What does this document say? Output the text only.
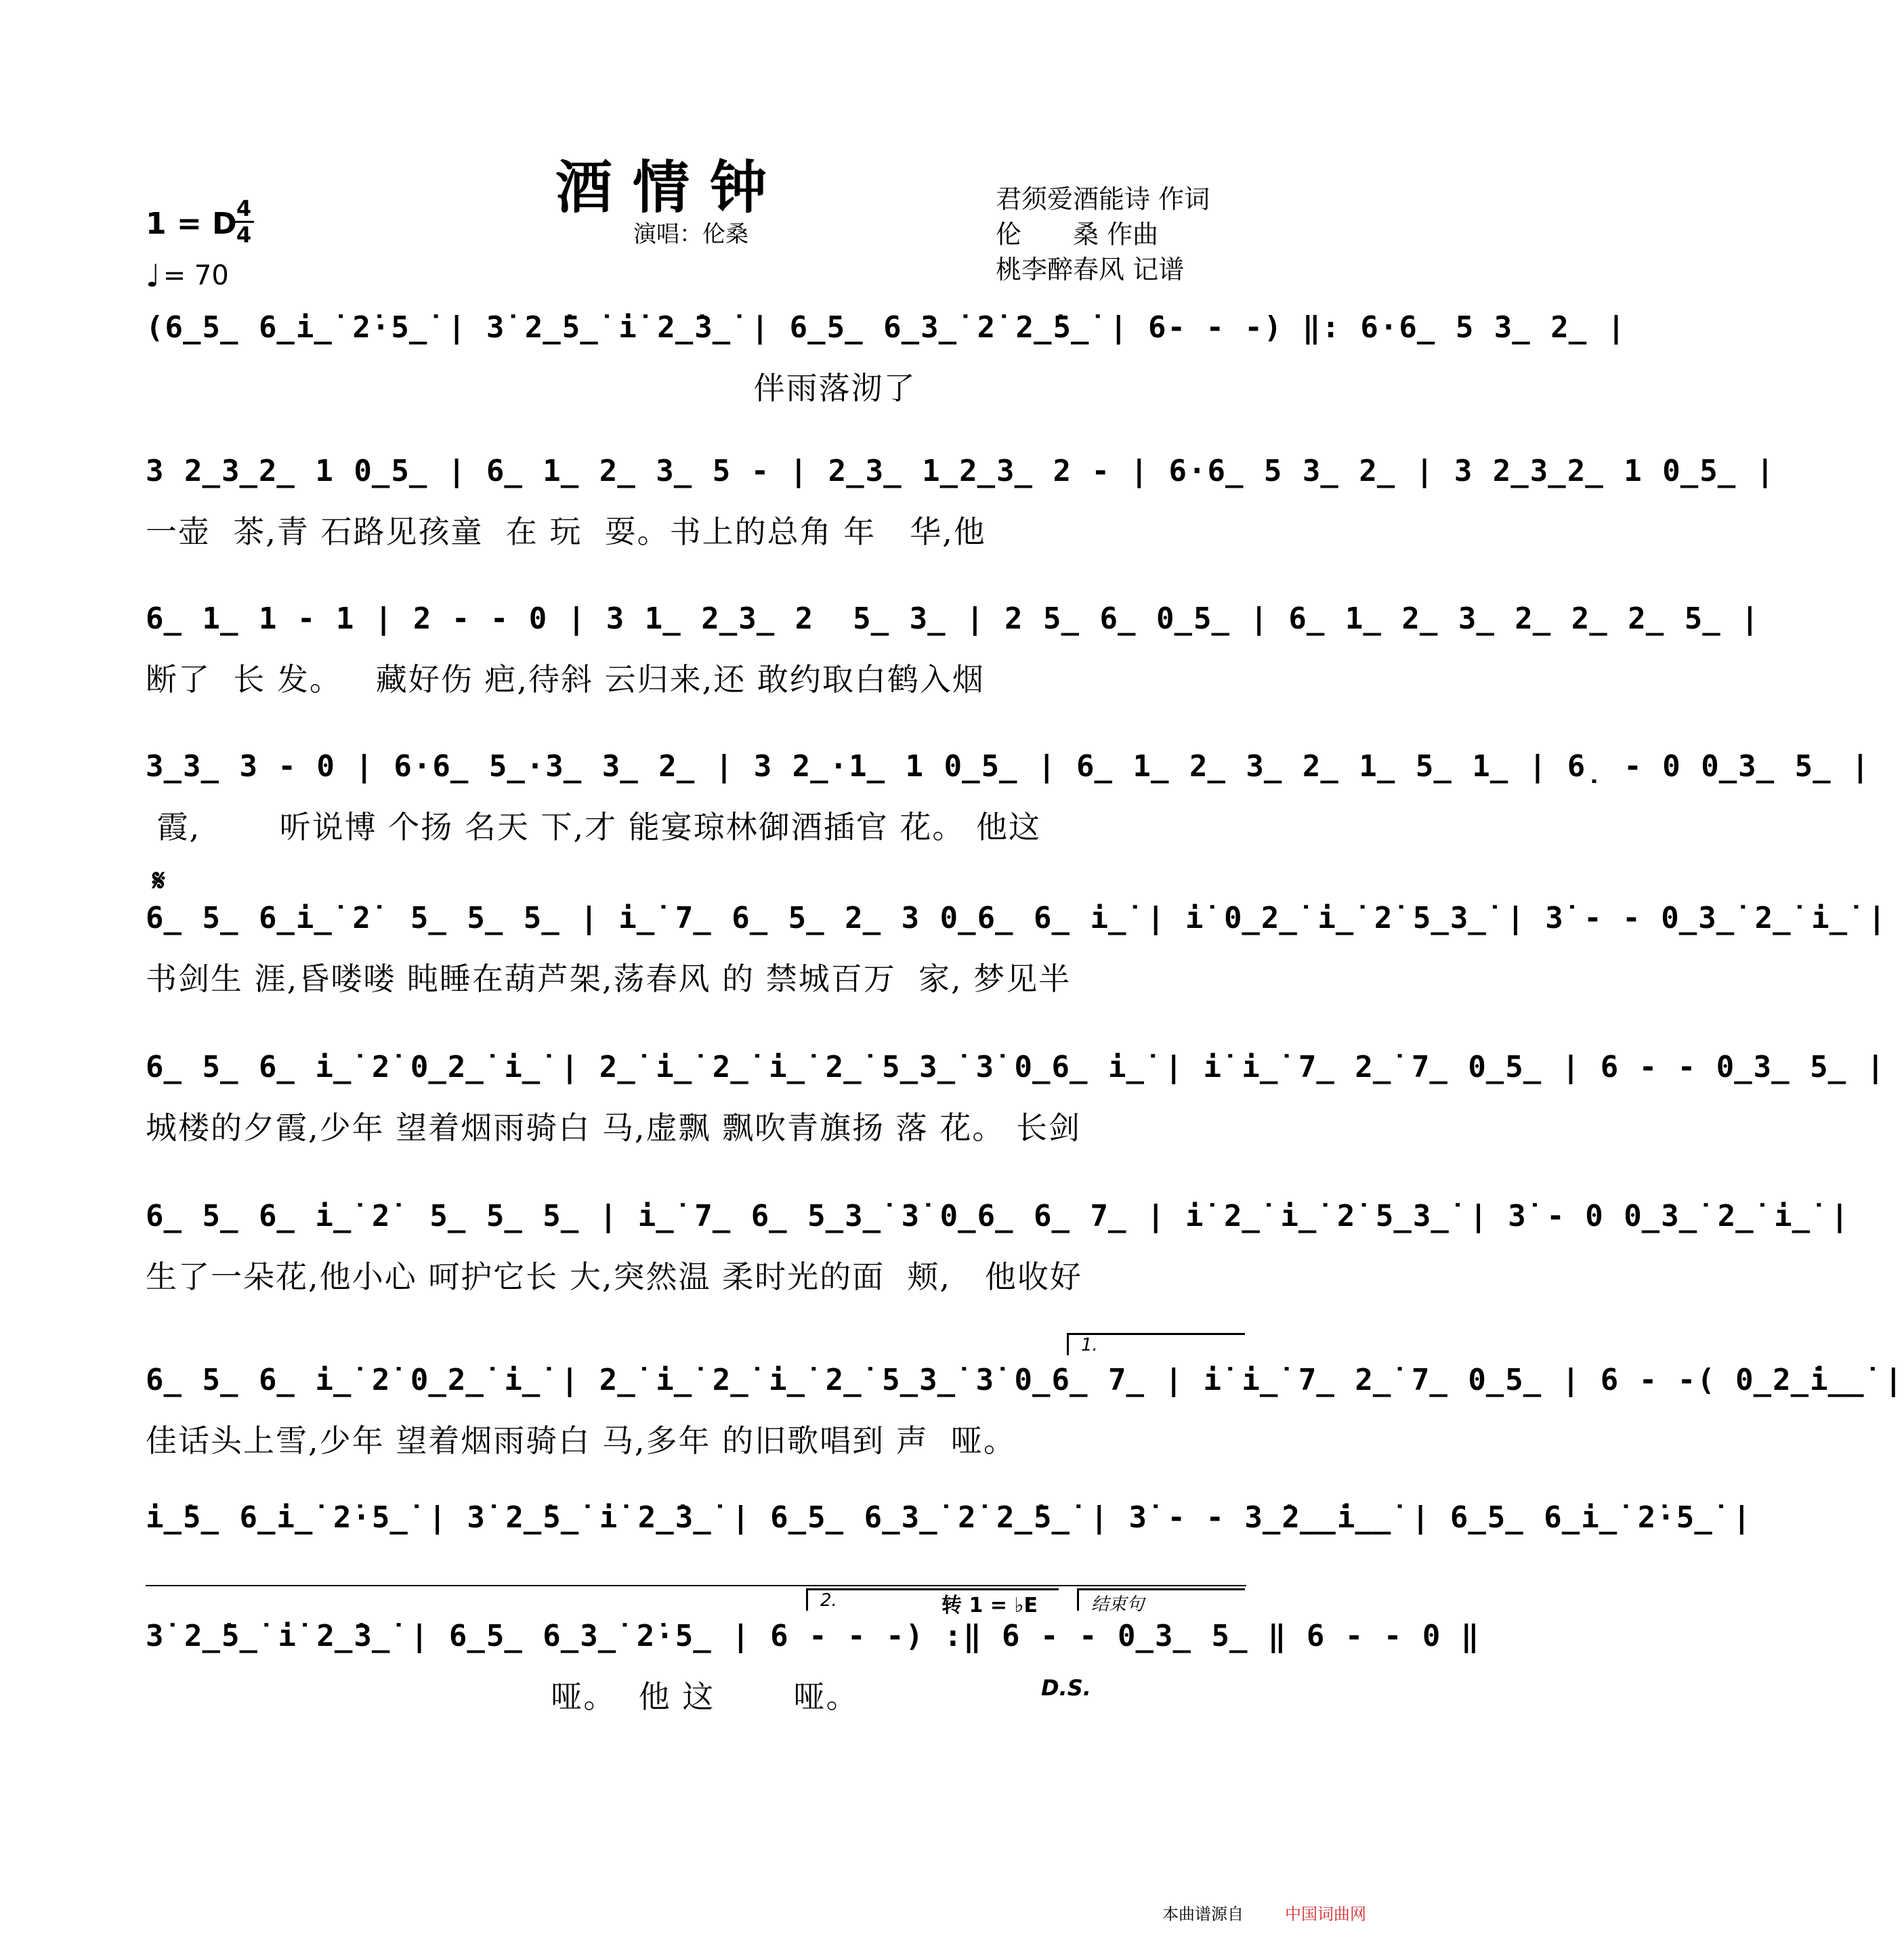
酒情钟
演唱：伦桑
君须爱酒能诗 作词
伦　　桑 作曲
桃李醉春风 记谱
1 = D 4
4
♩ = 70
𝄋
(6̲5̲ 6̲i̲̇ 2̇·5̲̇ | 3̇ 2̲̇5̲̇ i̇ 2̲̇3̲̇ | 6̲5̲ 6̲3̲̇ 2̇ 2̲̇5̲̇ | 6- - -) ‖: 6·6̲ 5 3̲ 2̲ |
伴雨落沏了
3 2̲3̲2̲ 1 0̲5̲ | 6̲ 1̲ 2̲ 3̲ 5 - | 2̲3̲ 1̲2̲3̲ 2 - | 6·6̲ 5 3̲ 2̲ | 3 2̲3̲2̲ 1 0̲5̲ |
一壶  茶,青 石路见孩童  在 玩  耍。书上的总角 年   华,他
6̲ 1̲ 1 - 1 | 2 - - 0 | 3 1̲ 2̲3̲ 2  5̲ 3̲ | 2 5̲ 6̲ 0̲5̲ | 6̲ 1̲ 2̲ 3̲ 2̲ 2̲ 2̲ 5̲ |
断了  长 发。   藏好伤 疤,待斜 云归来,还 敢约取白鹤入烟
3̲3̲ 3 - 0 | 6·6̲ 5̲·3̲ 3̲ 2̲ | 3 2̲·1̲ 1 0̲5̲ | 6̲ 1̲ 2̲ 3̲ 2̲ 1̲ 5̲ 1̲ | 6̣ - 0 0̲3̲ 5̲ |
霞,       听说博 个扬 名天 下,才 能宴琼林御酒插官 花。 他这
6̲ 5̲ 6̲i̲̇ 2̇  5̲ 5̲ 5̲ | i̲̇ 7̲ 6̲ 5̲ 2̲ 3 0̲6̲ 6̲ i̲̇ | i̇ 0̲2̲̇ i̲̇ 2̇ 5̲3̲̇ | 3̇ - - 0̲3̲̇ 2̲̇ i̲̇ |
书剑生 涯,昏喽喽 盹睡在葫芦架,荡春风 的 禁城百万  家, 梦见半
6̲ 5̲ 6̲ i̲̇ 2̇ 0̲2̲̇ i̲̇ | 2̲̇ i̲̇ 2̲̇ i̲̇ 2̲̇ 5̲3̲̇ 3̇ 0̲6̲ i̲̇ | i̇ i̲̇ 7̲ 2̲̇ 7̲ 0̲5̲ | 6 - - 0̲3̲ 5̲ |
城楼的夕霞,少年 望着烟雨骑白 马,虚飘 飘吹青旗扬 落 花。 长剑
6̲ 5̲ 6̲ i̲̇ 2̇  5̲ 5̲ 5̲ | i̲̇ 7̲ 6̲ 5̲3̲̇ 3̇ 0̲6̲ 6̲ 7̲ | i̇ 2̲̇ i̲̇ 2̇ 5̲3̲̇ | 3̇ - 0 0̲3̲̇ 2̲̇ i̲̇ |
生了一朵花,他小心 呵护它长 大,突然温 柔时光的面  颊,   他收好
1.
6̲ 5̲ 6̲ i̲̇ 2̇ 0̲2̲̇ i̲̇ | 2̲̇ i̲̇ 2̲̇ i̲̇ 2̲̇ 5̲3̲̇ 3̇ 0̲6̲ 7̲ | i̇ i̲̇ 7̲ 2̲̇ 7̲ 0̲5̲ | 6 - -( 0̲2̲̇i̲̲̇ |
佳话头上雪,少年 望着烟雨骑白 马,多年 的旧歌唱到 声  哑。
i̲̇5̲ 6̲i̲̇ 2̇·5̲̇ | 3̇ 2̲̇5̲̇ i̇ 2̲̇3̲̇ | 6̲5̲ 6̲3̲̇ 2̇ 2̲̇5̲̇ | 3̇ - - 3̲̇2̲̲̇i̲̲̇ | 6̲5̲ 6̲i̲̇ 2̇·5̲̇ |
2.	转 1 = ♭E	结束句
3̇ 2̲̇5̲̇ i̇ 2̲̇3̲̇ | 6̲5̲ 6̲3̲̇ 2̇·5̲ | 6 - - -) :‖ 6 - - 0̲3̲ 5̲ ‖ 6 - - 0 ‖
哑。  他 这       哑。	D.S.
本曲谱源自	中国词曲网
